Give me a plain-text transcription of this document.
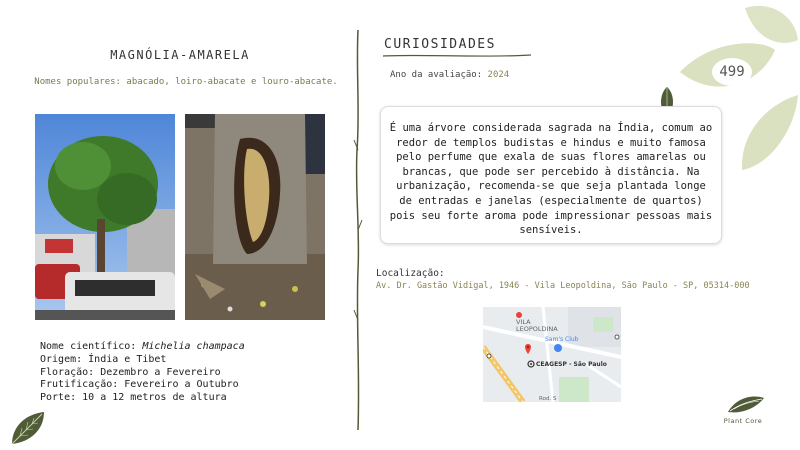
499
MAGNÓLIA-AMARELA
Nomes populares: abacado, loiro-abacate e louro-abacate.
Nome científico: Michelia champaca
Origem: Índia e Tibet
Floração: Dezembro a Fevereiro
Frutificação: Fevereiro a Outubro
Porte: 10 a 12 metros de altura
CURIOSIDADES
Ano da avaliação: 2024
É uma árvore considerada sagrada na Índia, comum ao redor de templos budistas e hindus e muito famosa pelo perfume que exala de suas flores amarelas ou brancas, que pode ser percebido à distância. Na urbanização, recomenda-se que seja plantada longe de entradas e janelas (especialmente de quartos) pois seu forte aroma pode impressionar pessoas mais sensíveis.
Localização:
Av. Dr. Gastão Vidigal, 1946 - Vila Leopoldina, São Paulo - SP, 05314-000
VILA
LEOPOLDINA
Sam's Club
CEAGESP - São Paulo
Rod. S
Plant Core
